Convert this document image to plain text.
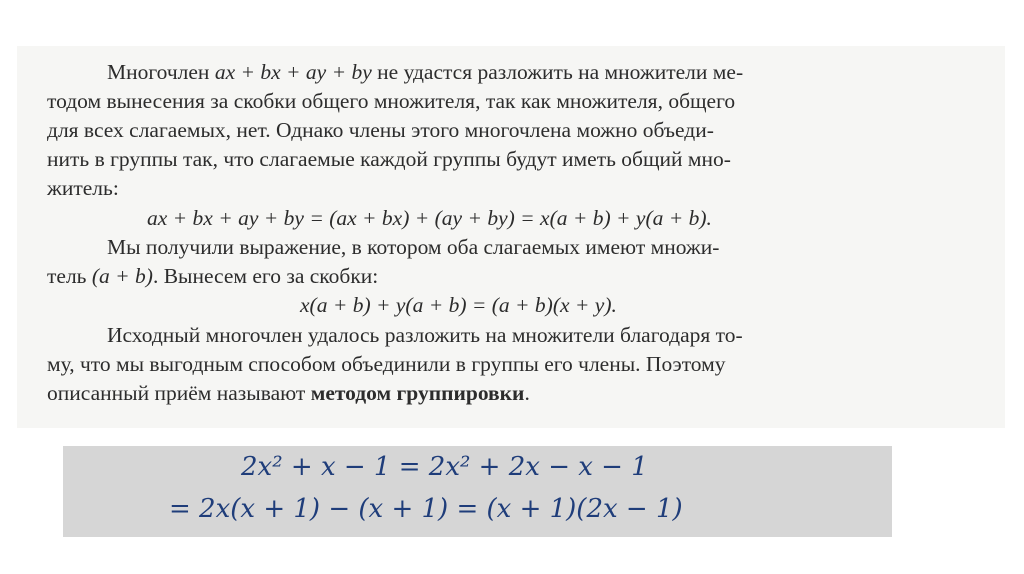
Многочлен ax + bx + ay + by не удастся разложить на множители ме-
тодом вынесения за скобки общего множителя, так как множителя, общего
для всех слагаемых, нет. Однако члены этого многочлена можно объеди-
нить в группы так, что слагаемые каждой группы будут иметь общий мно-
житель:
ax + bx + ay + by = (ax + bx) + (ay + by) = x(a + b) + y(a + b).
Мы получили выражение, в котором оба слагаемых имеют множи-
тель (a + b). Вынесем его за скобки:
x(a + b) + y(a + b) = (a + b)(x + y).
Исходный многочлен удалось разложить на множители благодаря то-
му, что мы выгодным способом объединили в группы его члены. Поэтому
описанный приём называют методом группировки.
2x² + x − 1 = 2x² + 2x − x − 1
= 2x(x + 1) − (x + 1) = (x + 1)(2x − 1)
